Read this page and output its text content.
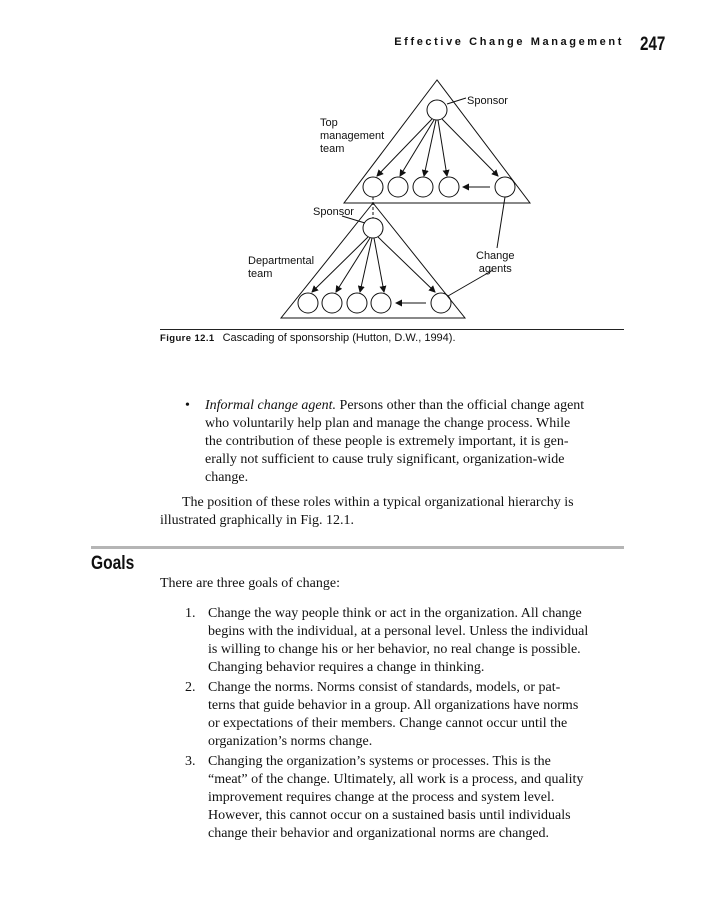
Effective Change Management 247
Sponsor
Top
management
team
Sponsor
Departmental
team
Change
agents
Figure 12.1 Cascading of sponsorship (Hutton, D.W., 1994).
• Informal change agent. Persons other than the official change agent

who voluntarily help plan and manage the change process. While

the contribution of these people is extremely important, it is gen-

erally not sufficient to cause truly significant, organization-wide

change.

The position of these roles within a typical organizational hierarchy is

illustrated graphically in Fig. 12.1.

Goals

There are three goals of change:

1. Change the way people think or act in the organization. All change
begins with the individual, at a personal level. Unless the individual
is willing to change his or her behavior, no real change is possible.
Changing behavior requires a change in thinking.
2. Change the norms. Norms consist of standards, models, or pat-
terns that guide behavior in a group. All organizations have norms
or expectations of their members. Change cannot occur until the
organization’s norms change.
3. Changing the organization’s systems or processes. This is the
“meat” of the change. Ultimately, all work is a process, and quality
improvement requires change at the process and system level.
However, this cannot occur on a sustained basis until individuals
change their behavior and organizational norms are changed.
